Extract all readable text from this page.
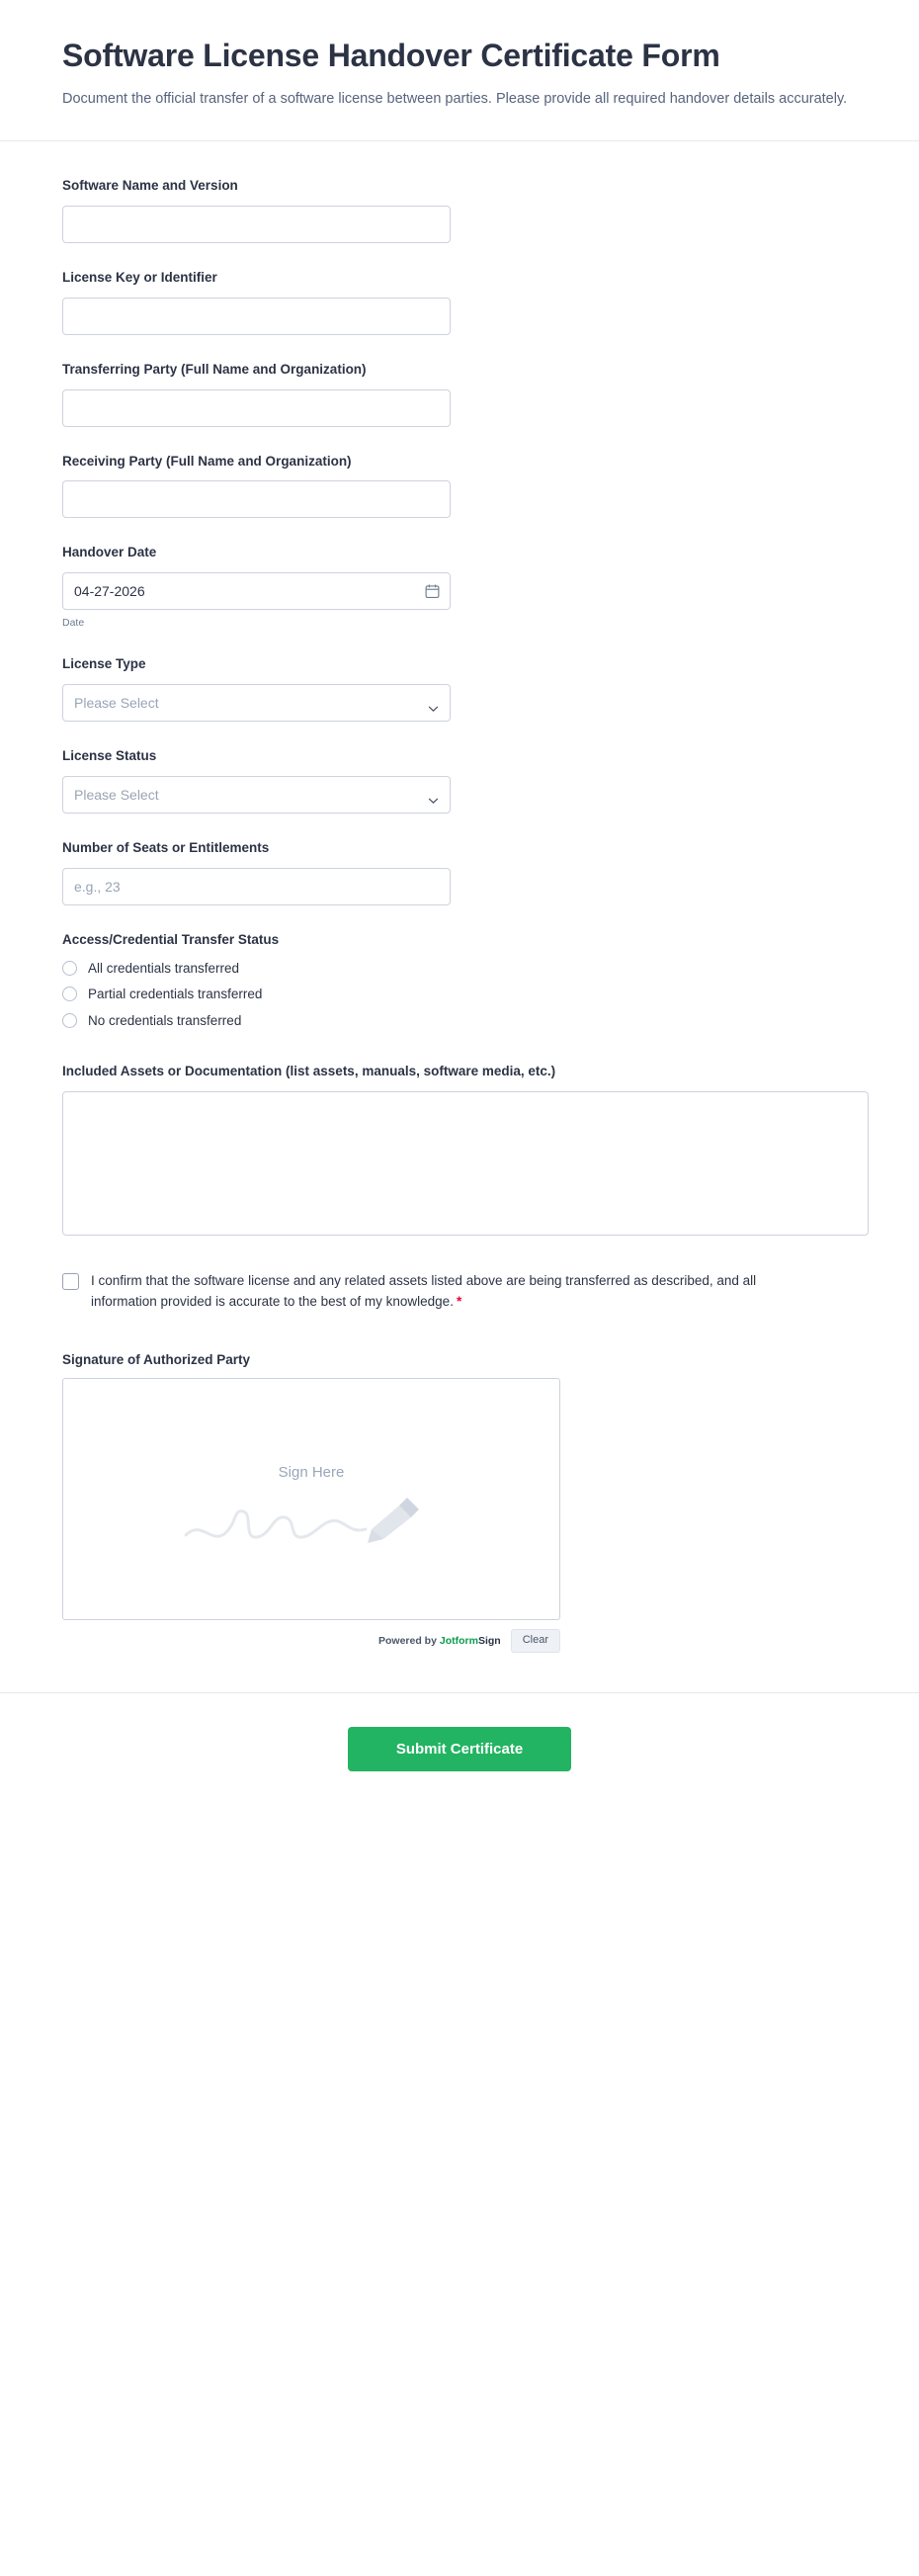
Software License Handover Certificate Form

Document the official transfer of a software license between parties. Please provide all required handover details accurately.

Software Name and Version
License Key or Identifier
Transferring Party (Full Name and Organization)
Receiving Party (Full Name and Organization)
Handover Date
04-27-2026
Date
License Type
Please Select
License Status
Please Select
Number of Seats or Entitlements
e.g., 23
Access/Credential Transfer Status
All credentials transferred
Partial credentials transferred
No credentials transferred
Included Assets or Documentation (list assets, manuals, software media, etc.)
I confirm that the software license and any related assets listed above are being transferred as described, and all information provided is accurate to the best of my knowledge. *
Signature of Authorized Party
Sign Here
Powered by JotformSign	Clear
Submit Certificate
